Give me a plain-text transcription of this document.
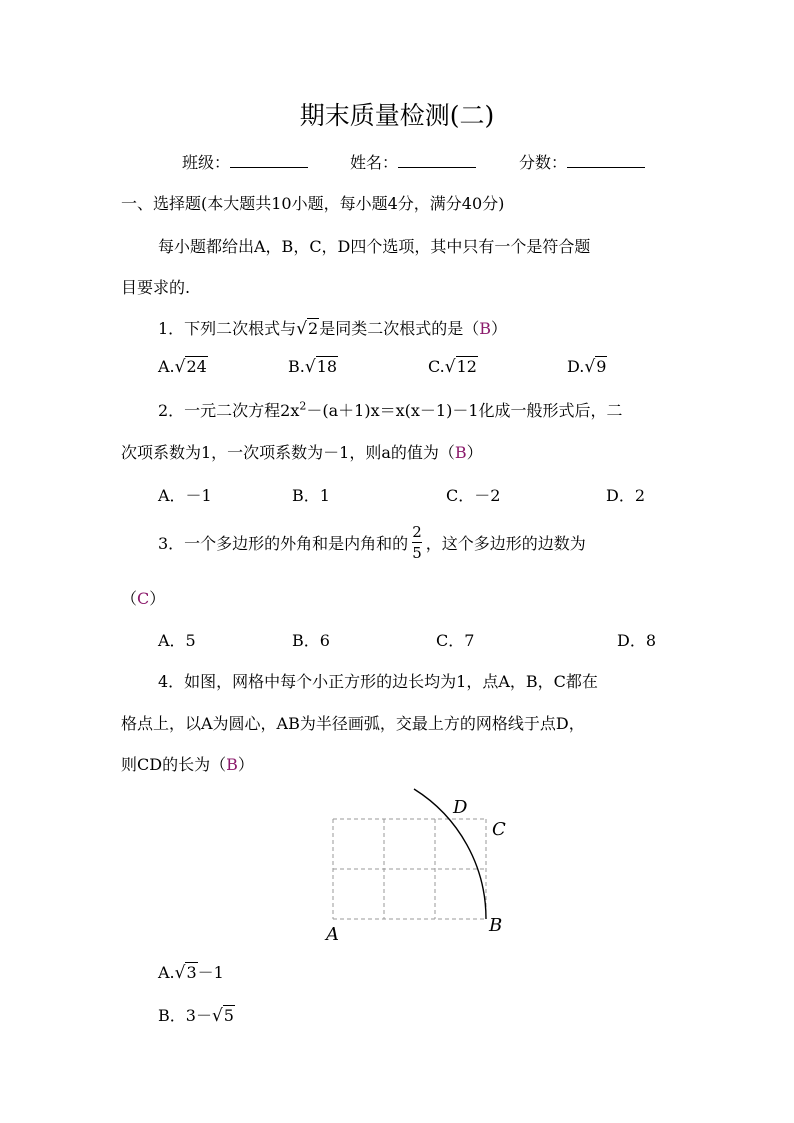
期末质量检测(二)
班级：	姓名：	分数：
一、选择题(本大题共10小题，每小题4分，满分40分)
每小题都给出A，B，C，D四个选项，其中只有一个是符合题
目要求的.
1．下列二次根式与√2是同类二次根式的是（B）
A.√24	B.√18	C.√12	D.√9
2．一元二次方程$2x^2-(a+1)x=x(x-1)-1$化成一般形式后，二
次项系数为1，一次项系数为－1，则a的值为（B）
A．－1	B．1	C．－2	D．2
3．一个多边形的外角和是内角和的 $\frac{2}{5}$ ，这个多边形的边数为
（C）
A．5	B．6	C．7	D．8
4．如图，网格中每个小正方形的边长均为1，点A，B，C都在
格点上，以A为圆心，AB为半径画弧，交最上方的网格线于点D，
则CD的长为（B）
A	B
C
D
A.√3－1
B．3－√5
